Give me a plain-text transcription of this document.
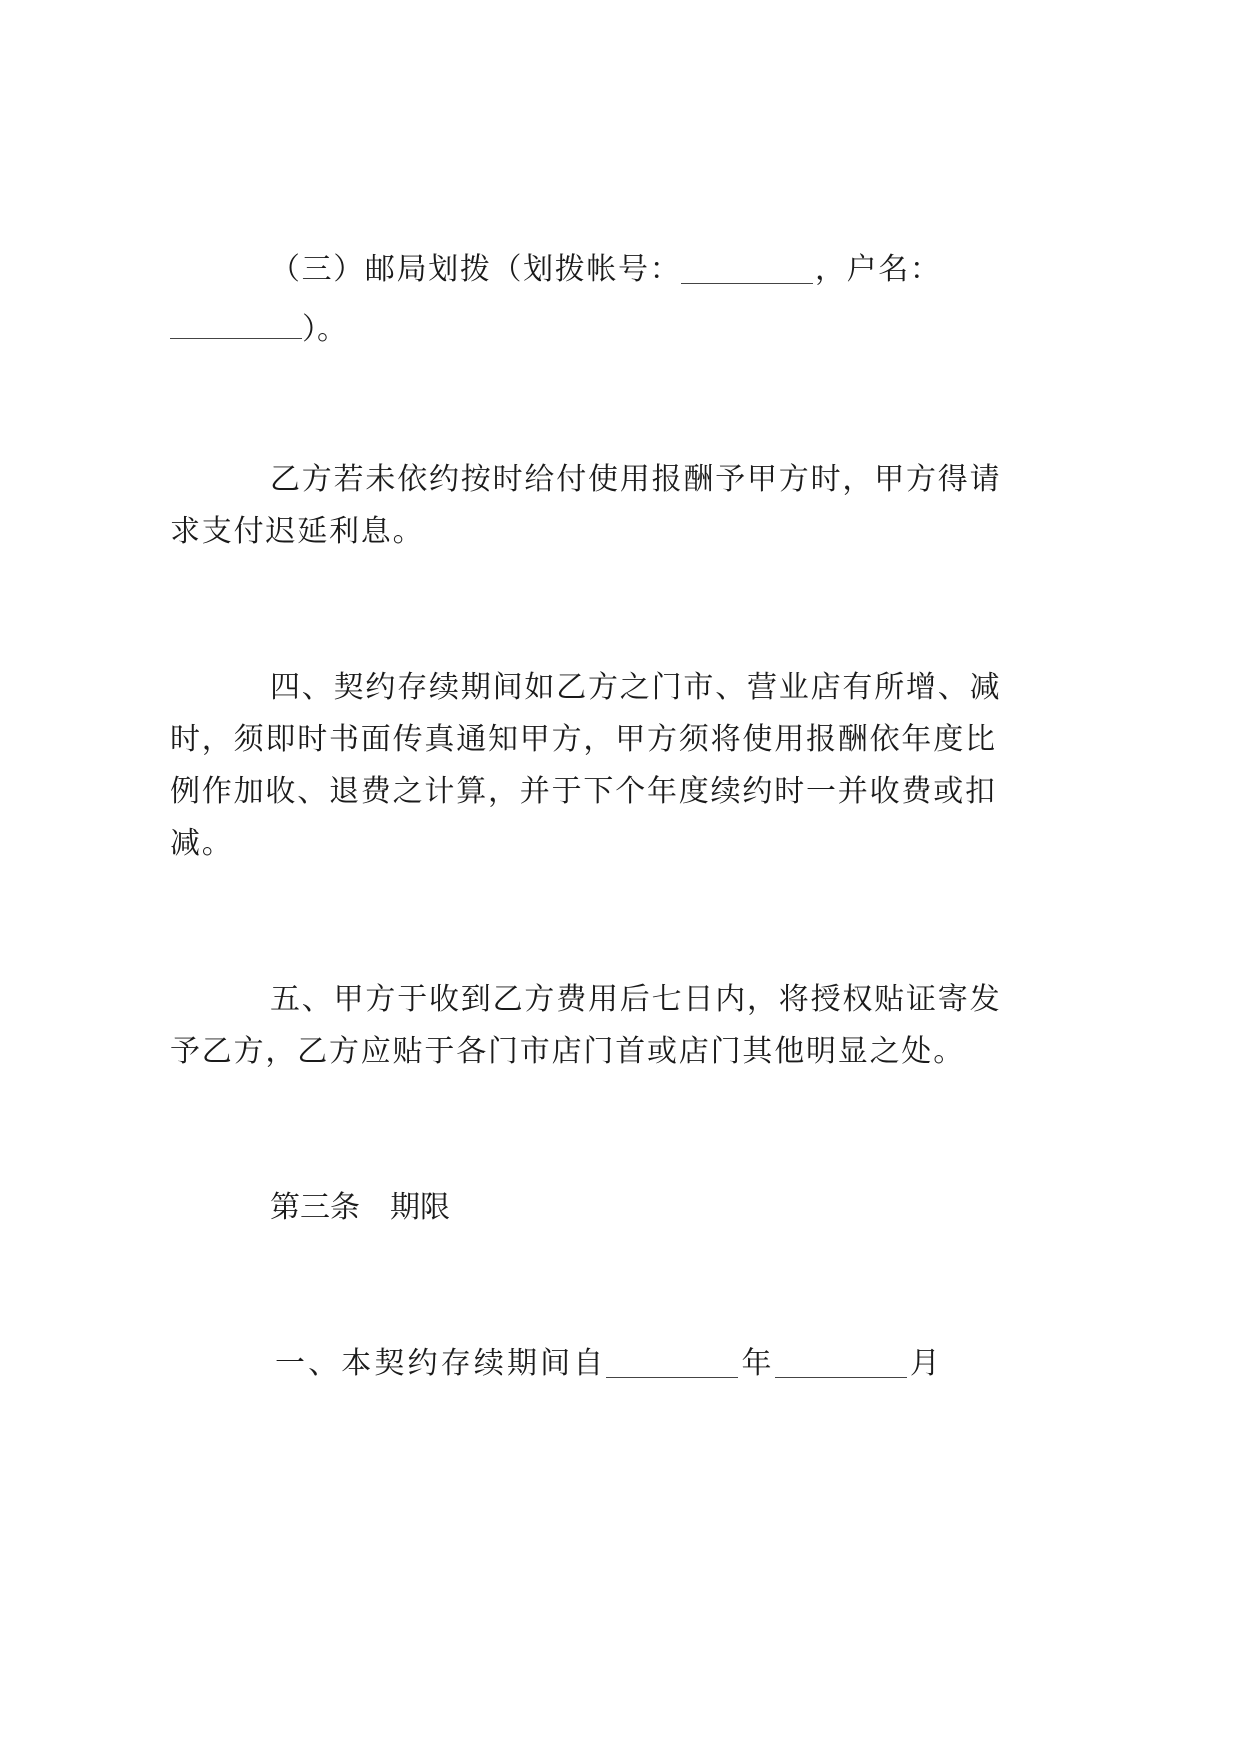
（ 三 ） 邮 局 划 拨 （ 划 拨 帐 号 ：	， 户 名 ：
）。
乙方若未依约按时给付使用报酬予甲方时，甲方得请
求支付迟延利息。
四、契约存续期间如乙方之门市、营业店有所增、减
时，须即时书面传真通知甲方，甲方须将使用报酬依年度比
例作加收、退费之计算，并于下个年度续约时一并收费或扣
减。
五、甲方于收到乙方费用后七日内，将授权贴证寄发
予乙方，乙方应贴于各门市店门首或店门其他明显之处。
第三条　期限
一 、 本 契 约 存 续 期 间 自	年	月
